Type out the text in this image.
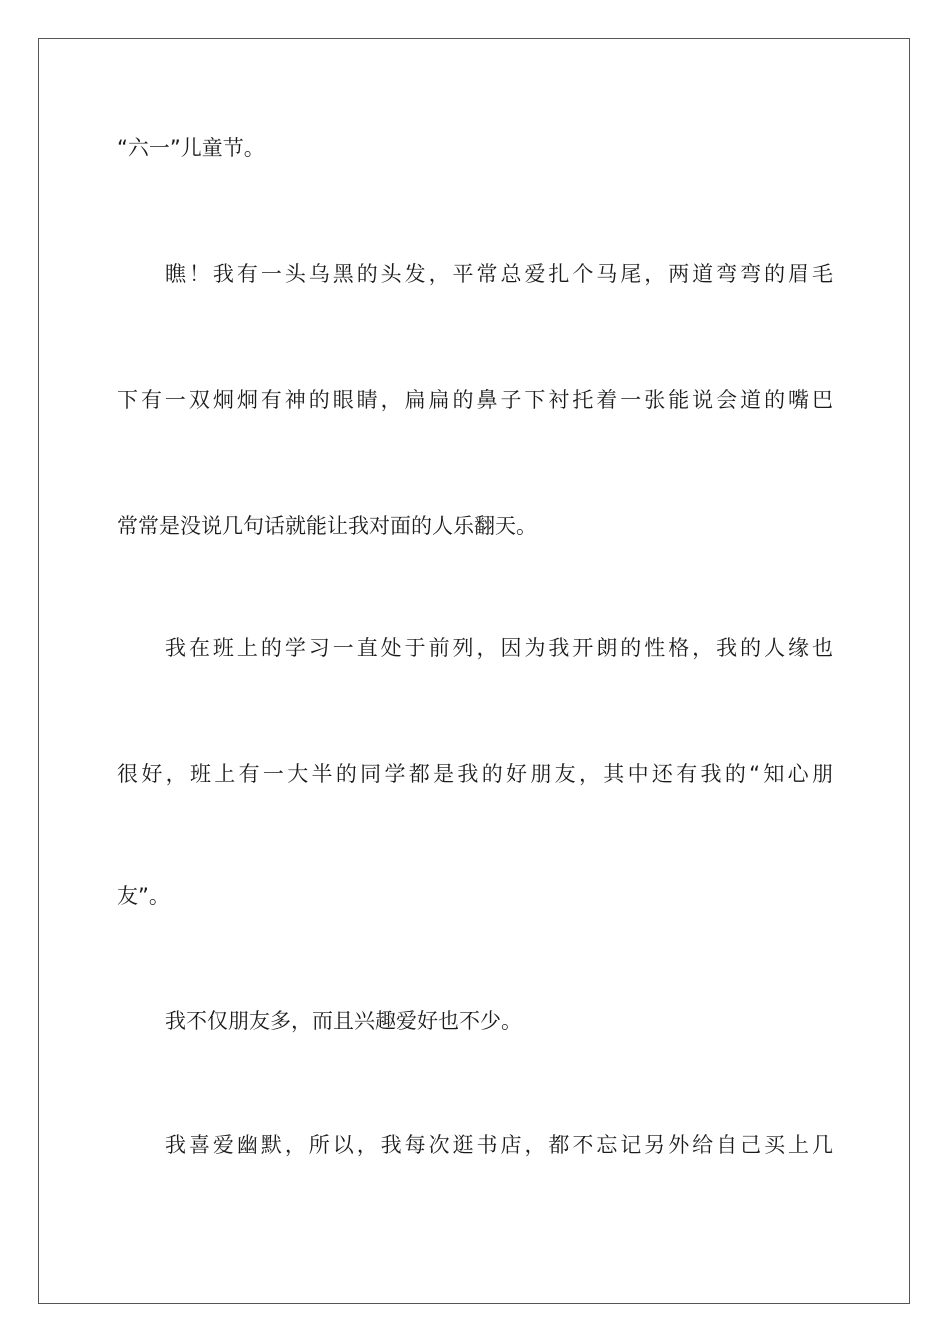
“六一”儿童节。
瞧！我有一头乌黑的头发，平常总爱扎个马尾，两道弯弯的眉毛
下有一双炯炯有神的眼睛，扁扁的鼻子下衬托着一张能说会道的嘴巴
常常是没说几句话就能让我对面的人乐翻天。
我在班上的学习一直处于前列，因为我开朗的性格，我的人缘也
很好，班上有一大半的同学都是我的好朋友，其中还有我的“知心朋
友”。
我不仅朋友多，而且兴趣爱好也不少。
我喜爱幽默，所以，我每次逛书店，都不忘记另外给自己买上几
